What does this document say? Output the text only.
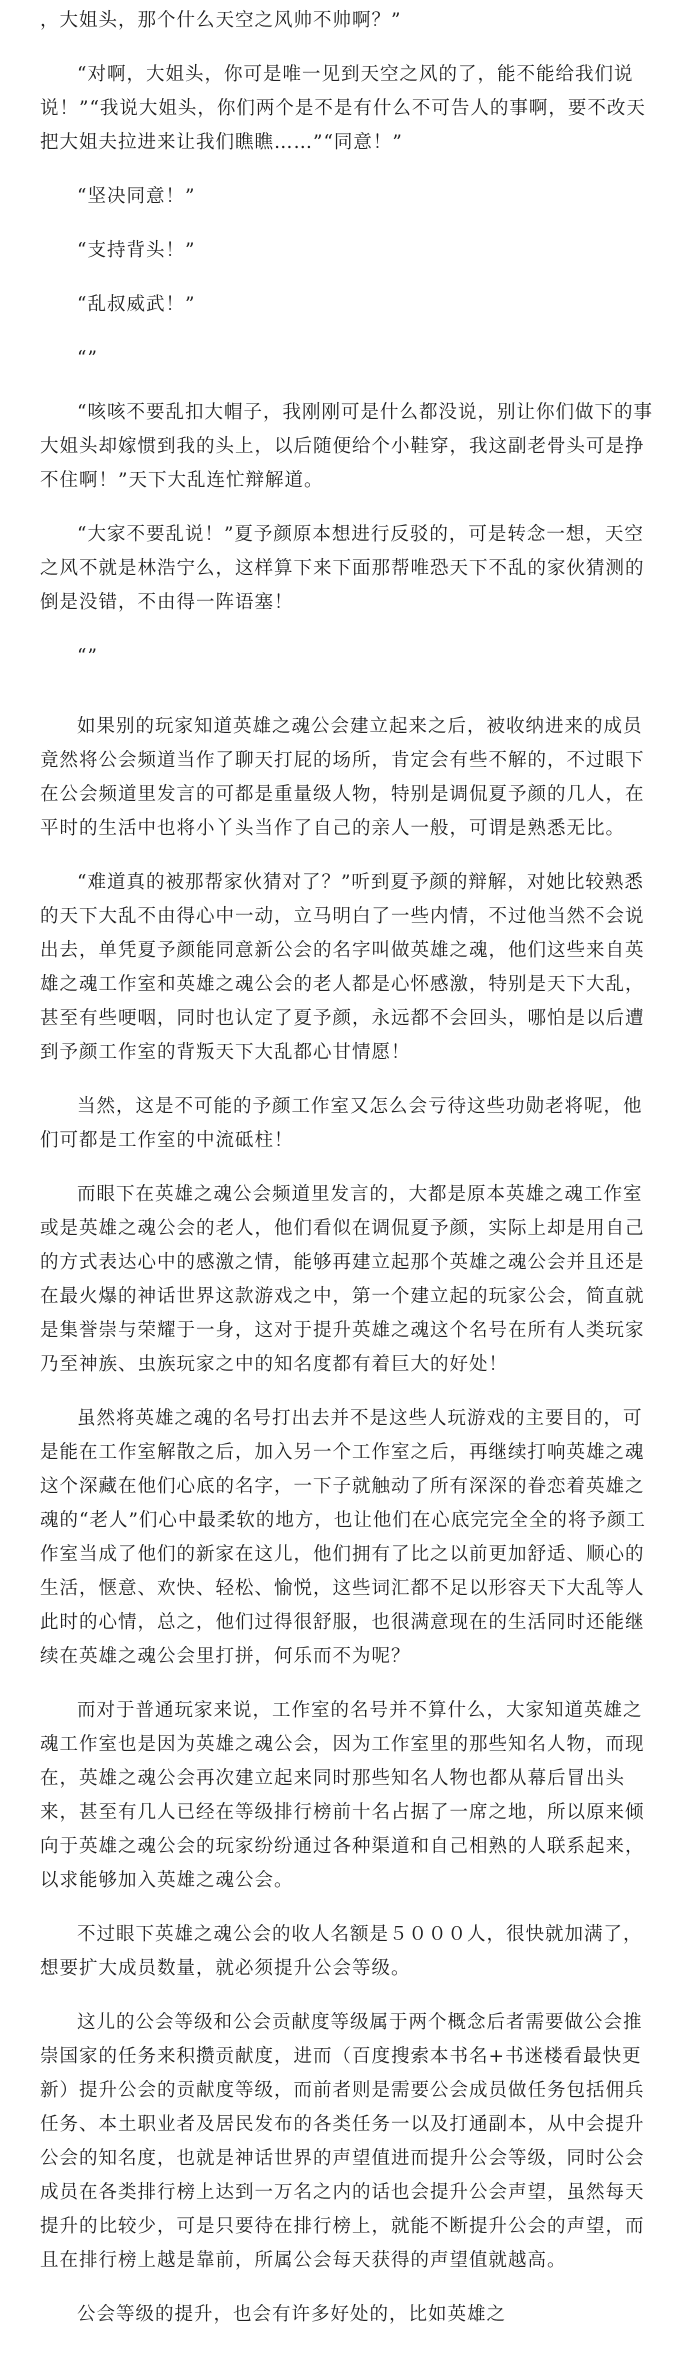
，大姐头，那个什么天空之风帅不帅啊？”

“对啊，大姐头，你可是唯一见到天空之风的了，能不能给我们说说！”“我说大姐头，你们两个是不是有什么不可告人的事啊，要不改天把大姐夫拉进来让我们瞧瞧……”“同意！”

“坚决同意！”

“支持背头！”

“乱叔威武！”

“”

“咳咳不要乱扣大帽子，我刚刚可是什么都没说，别让你们做下的事大姐头却嫁惯到我的头上，以后随便给个小鞋穿，我这副老骨头可是挣不住啊！”天下大乱连忙辩解道。

“大家不要乱说！”夏予颜原本想进行反驳的，可是转念一想，天空之风不就是林浩宁么，这样算下来下面那帮唯恐天下不乱的家伙猜测的倒是没错，不由得一阵语塞！

“”

如果别的玩家知道英雄之魂公会建立起来之后，被收纳进来的成员竟然将公会频道当作了聊天打屁的场所，肯定会有些不解的，不过眼下在公会频道里发言的可都是重量级人物，特别是调侃夏予颜的几人，在平时的生活中也将小丫头当作了自己的亲人一般，可谓是熟悉无比。

“难道真的被那帮家伙猜对了？”听到夏予颜的辩解，对她比较熟悉的天下大乱不由得心中一动，立马明白了一些内情，不过他当然不会说出去，单凭夏予颜能同意新公会的名字叫做英雄之魂，他们这些来自英雄之魂工作室和英雄之魂公会的老人都是心怀感激，特别是天下大乱，甚至有些哽咽，同时也认定了夏予颜，永远都不会回头，哪怕是以后遭到予颜工作室的背叛天下大乱都心甘情愿！

当然，这是不可能的予颜工作室又怎么会亏待这些功勋老将呢，他们可都是工作室的中流砥柱！

而眼下在英雄之魂公会频道里发言的，大都是原本英雄之魂工作室或是英雄之魂公会的老人，他们看似在调侃夏予颜，实际上却是用自己的方式表达心中的感激之情，能够再建立起那个英雄之魂公会并且还是在最火爆的神话世界这款游戏之中，第一个建立起的玩家公会，简直就是集誉崇与荣耀于一身，这对于提升英雄之魂这个名号在所有人类玩家乃至神族、虫族玩家之中的知名度都有着巨大的好处！

虽然将英雄之魂的名号打出去并不是这些人玩游戏的主要目的，可是能在工作室解散之后，加入另一个工作室之后，再继续打响英雄之魂这个深藏在他们心底的名字，一下子就触动了所有深深的眷恋着英雄之魂的“老人”们心中最柔软的地方，也让他们在心底完完全全的将予颜工作室当成了他们的新家在这儿，他们拥有了比之以前更加舒适、顺心的生活，惬意、欢快、轻松、愉悦，这些词汇都不足以形容天下大乱等人此时的心情，总之，他们过得很舒服，也很满意现在的生活同时还能继续在英雄之魂公会里打拼，何乐而不为呢？

而对于普通玩家来说，工作室的名号并不算什么，大家知道英雄之魂工作室也是因为英雄之魂公会，因为工作室里的那些知名人物，而现在，英雄之魂公会再次建立起来同时那些知名人物也都从幕后冒出头来，甚至有几人已经在等级排行榜前十名占据了一席之地，所以原来倾向于英雄之魂公会的玩家纷纷通过各种渠道和自己相熟的人联系起来，以求能够加入英雄之魂公会。

不过眼下英雄之魂公会的收人名额是５０００人，很快就加满了，想要扩大成员数量，就必须提升公会等级。

这儿的公会等级和公会贡献度等级属于两个概念后者需要做公会推崇国家的任务来积攒贡献度，进而（百度搜索本书名+书迷楼看最快更新）提升公会的贡献度等级，而前者则是需要公会成员做任务包括佣兵任务、本土职业者及居民发布的各类任务一以及打通副本，从中会提升公会的知名度，也就是神话世界的声望值进而提升公会等级，同时公会成员在各类排行榜上达到一万名之内的话也会提升公会声望，虽然每天提升的比较少，可是只要待在排行榜上，就能不断提升公会的声望，而且在排行榜上越是靠前，所属公会每天获得的声望值就越高。

公会等级的提升，也会有许多好处的，比如英雄之
